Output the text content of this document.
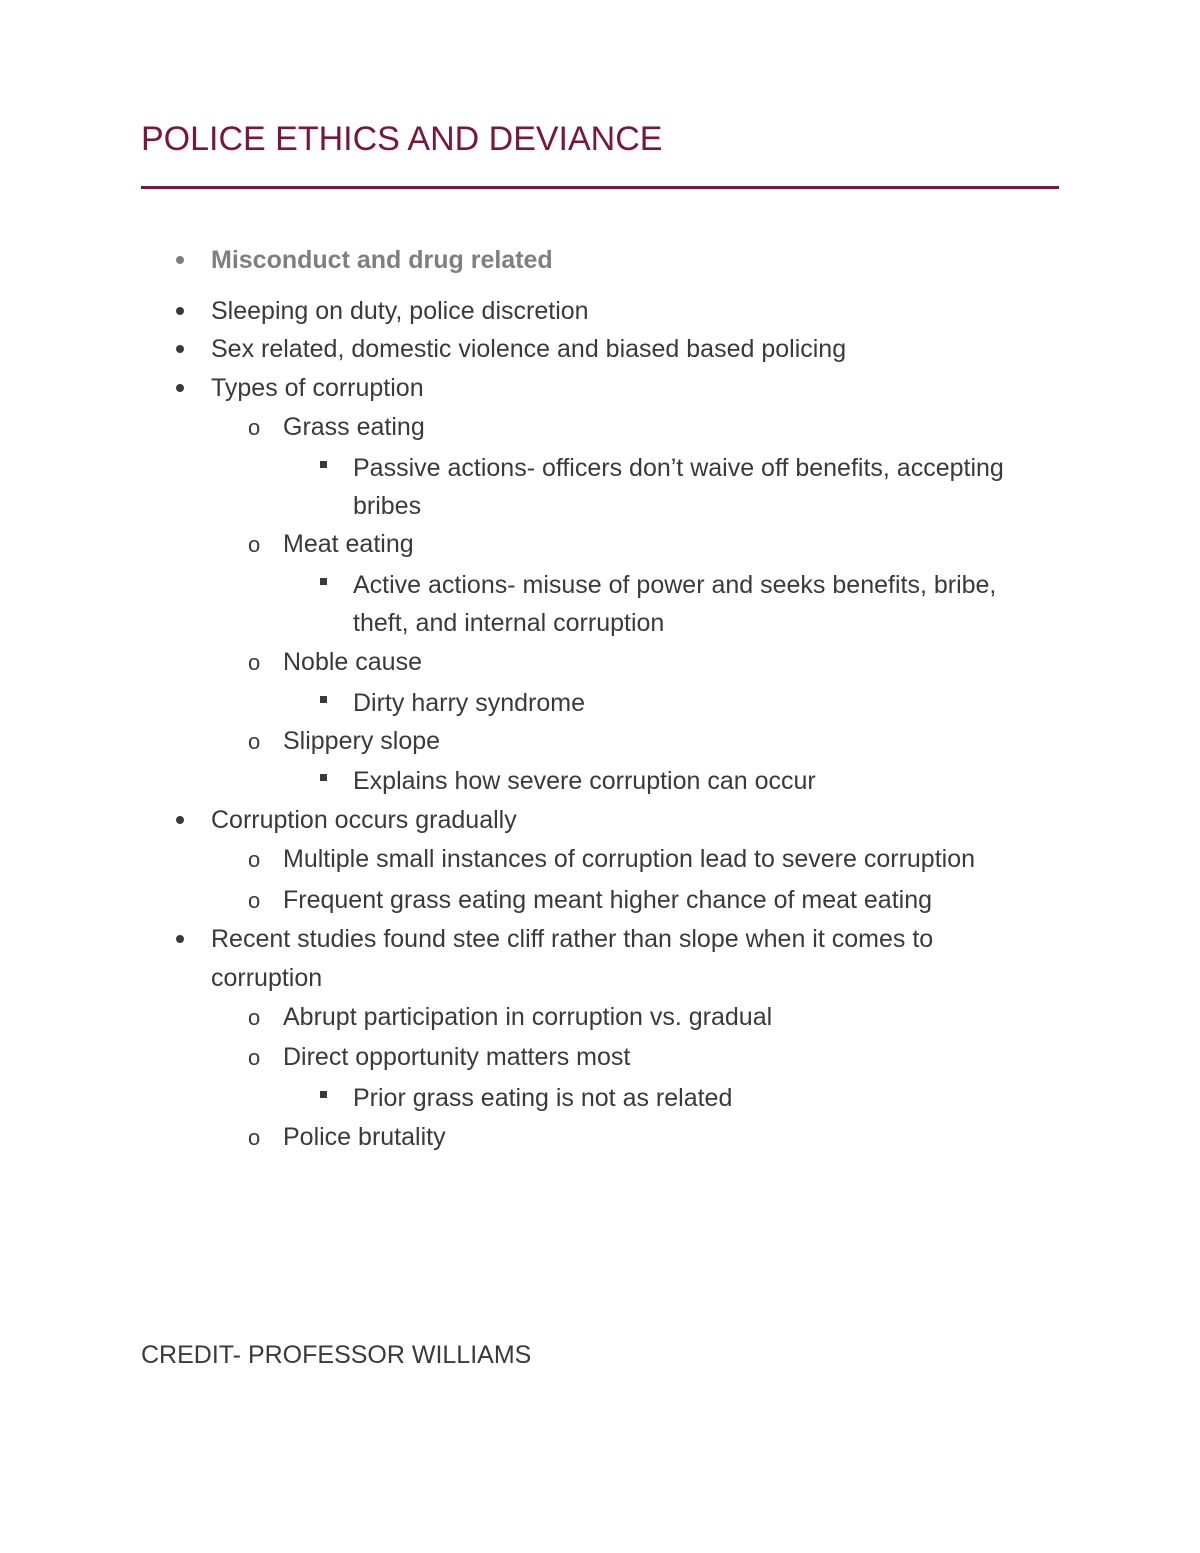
POLICE ETHICS AND DEVIANCE
Misconduct and drug related
Sleeping on duty, police discretion
Sex related, domestic violence and biased based policing
Types of corruption
o Grass eating
Passive actions- officers don’t waive off benefits, accepting
bribes
o Meat eating
Active actions- misuse of power and seeks benefits, bribe,
theft, and internal corruption
o Noble cause
Dirty harry syndrome
o Slippery slope
Explains how severe corruption can occur
Corruption occurs gradually
o Multiple small instances of corruption lead to severe corruption
o Frequent grass eating meant higher chance of meat eating
Recent studies found stee cliff rather than slope when it comes to
corruption
o Abrupt participation in corruption vs. gradual
o Direct opportunity matters most
Prior grass eating is not as related
o Police brutality
CREDIT- PROFESSOR WILLIAMS
